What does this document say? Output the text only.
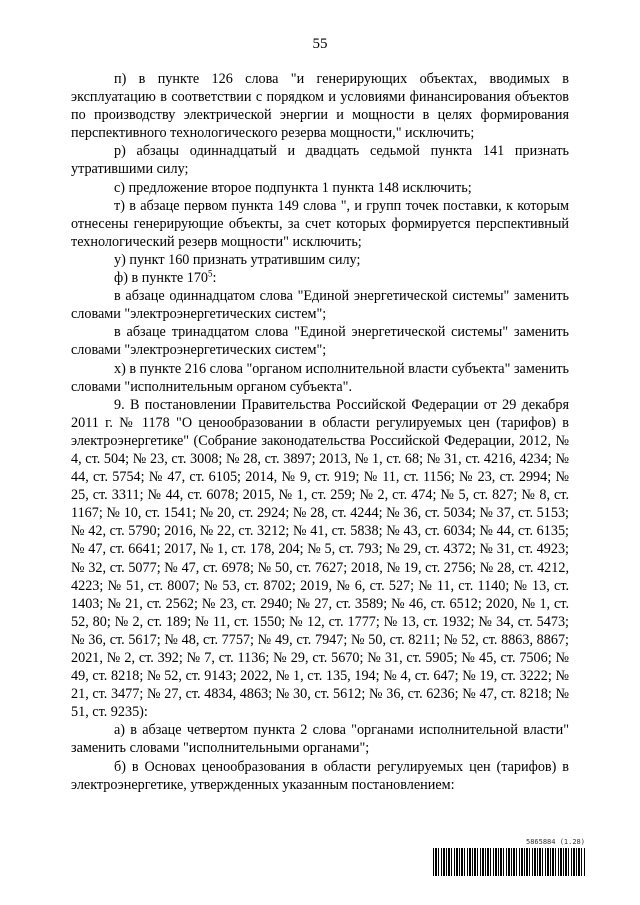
55

п) в пункте 126 слова "и генерирующих объектах, вводимых в эксплуатацию в соответствии с порядком и условиями финансирования объектов по производству электрической энергии и мощности в целях формирования перспективного технологического резерва мощности," исключить;

р) абзацы одиннадцатый и двадцать седьмой пункта 141 признать утратившими силу;

с) предложение второе подпункта 1 пункта 148 исключить;

т) в абзаце первом пункта 149 слова ", и групп точек поставки, к которым отнесены генерирующие объекты, за счет которых формируется перспективный технологический резерв мощности" исключить;

у) пункт 160 признать утратившим силу;

ф) в пункте $170^5$:

в абзаце одиннадцатом слова "Единой энергетической системы" заменить словами "электроэнергетических систем";

в абзаце тринадцатом слова "Единой энергетической системы" заменить словами "электроэнергетических систем";

х) в пункте 216 слова "органом исполнительной власти субъекта" заменить словами "исполнительным органом субъекта".

9. В постановлении Правительства Российской Федерации от 29 декабря 2011 г. № 1178 "О ценообразовании в области регулируемых цен (тарифов) в электроэнергетике" (Собрание законодательства Российской Федерации, 2012, № 4, ст. 504; № 23, ст. 3008; № 28, ст. 3897; 2013, № 1, ст. 68; № 31, ст. 4216, 4234; № 44, ст. 5754; № 47, ст. 6105; 2014, № 9, ст. 919; № 11, ст. 1156; № 23, ст. 2994; № 25, ст. 3311; № 44, ст. 6078; 2015, № 1, ст. 259; № 2, ст. 474; № 5, ст. 827; № 8, ст. 1167; № 10, ст. 1541; № 20, ст. 2924; № 28, ст. 4244; № 36, ст. 5034; № 37, ст. 5153; № 42, ст. 5790; 2016, № 22, ст. 3212; № 41, ст. 5838; № 43, ст. 6034; № 44, ст. 6135; № 47, ст. 6641; 2017, № 1, ст. 178, 204; № 5, ст. 793; № 29, ст. 4372; № 31, ст. 4923; № 32, ст. 5077; № 47, ст. 6978; № 50, ст. 7627; 2018, № 19, ст. 2756; № 28, ст. 4212, 4223; № 51, ст. 8007; № 53, ст. 8702; 2019, № 6, ст. 527; № 11, ст. 1140; № 13, ст. 1403; № 21, ст. 2562; № 23, ст. 2940; № 27, ст. 3589; № 46, ст. 6512; 2020, № 1, ст. 52, 80; № 2, ст. 189; № 11, ст. 1550; № 12, ст. 1777; № 13, ст. 1932; № 34, ст. 5473; № 36, ст. 5617; № 48, ст. 7757; № 49, ст. 7947; № 50, ст. 8211; № 52, ст. 8863, 8867; 2021, № 2, ст. 392; № 7, ст. 1136; № 29, ст. 5670; № 31, ст. 5905; № 45, ст. 7506; № 49, ст. 8218; № 52, ст. 9143; 2022, № 1, ст. 135, 194; № 4, ст. 647; № 19, ст. 3222; № 21, ст. 3477; № 27, ст. 4834, 4863; № 30, ст. 5612; № 36, ст. 6236; № 47, ст. 8218; № 51, ст. 9235):

а) в абзаце четвертом пункта 2 слова "органами исполнительной власти" заменить словами "исполнительными органами";

б) в Основах ценообразования в области регулируемых цен (тарифов) в электроэнергетике, утвержденных указанным постановлением:

5865884 (1.28)
